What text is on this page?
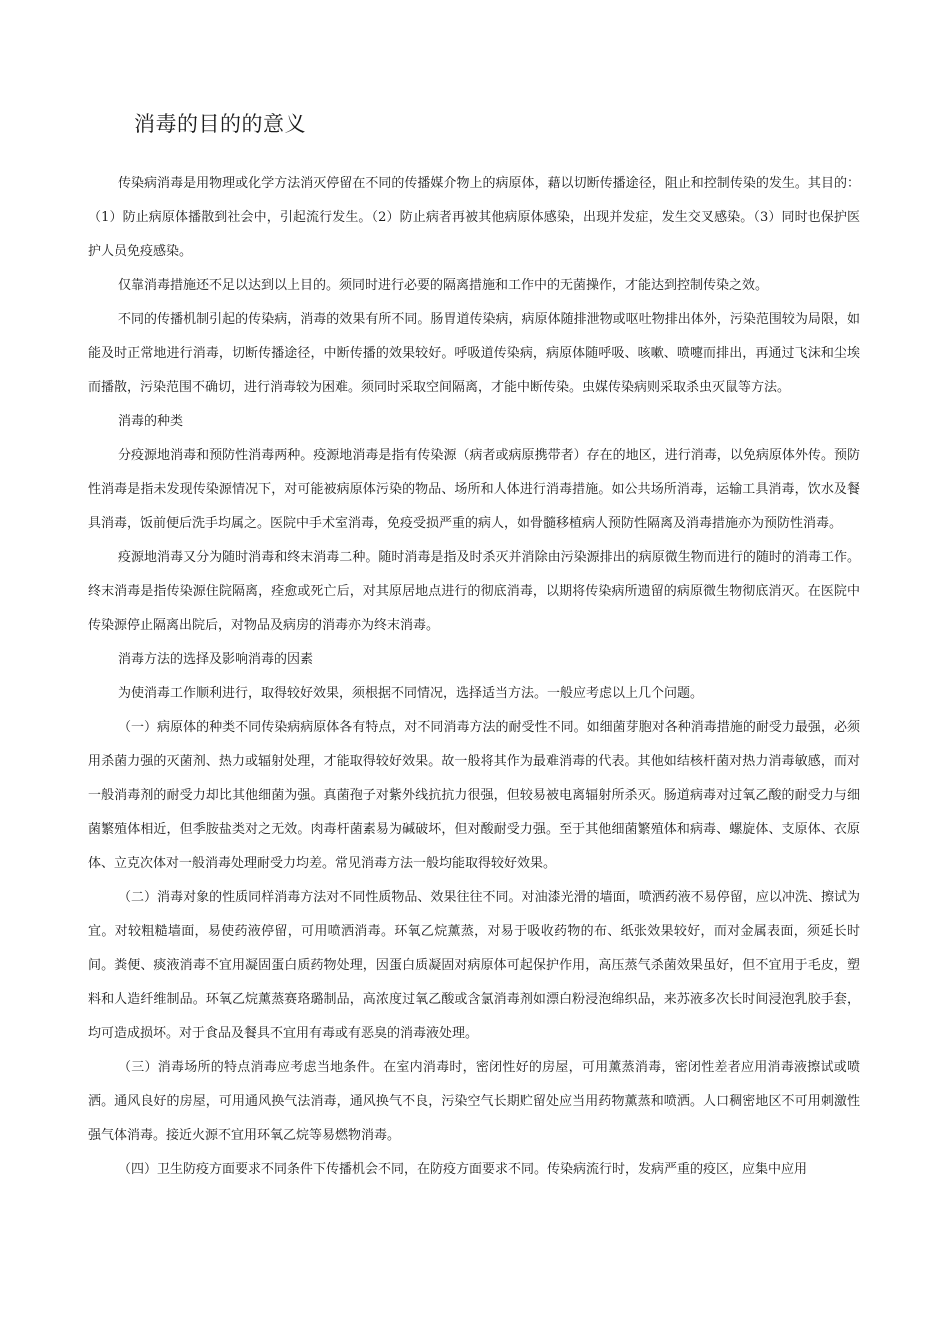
消毒的目的的意义

传染病消毒是用物理或化学方法消灭停留在不同的传播媒介物上的病原体，藉以切断传播途径，阻止和控制传染的发生。其目的：（1）防止病原体播散到社会中，引起流行发生。（2）防止病者再被其他病原体感染，出现并发症，发生交叉感染。（3）同时也保护医护人员免疫感染。

仅靠消毒措施还不足以达到以上目的。须同时进行必要的隔离措施和工作中的无菌操作，才能达到控制传染之效。

不同的传播机制引起的传染病，消毒的效果有所不同。肠胃道传染病，病原体随排泄物或呕吐物排出体外，污染范围较为局限，如能及时正常地进行消毒，切断传播途径，中断传播的效果较好。呼吸道传染病，病原体随呼吸、咳嗽、喷嚏而排出，再通过飞沫和尘埃而播散，污染范围不确切，进行消毒较为困难。须同时采取空间隔离，才能中断传染。虫媒传染病则采取杀虫灭鼠等方法。

消毒的种类

分疫源地消毒和预防性消毒两种。疫源地消毒是指有传染源（病者或病原携带者）存在的地区，进行消毒，以免病原体外传。预防性消毒是指未发现传染源情况下，对可能被病原体污染的物品、场所和人体进行消毒措施。如公共场所消毒，运输工具消毒，饮水及餐具消毒，饭前便后洗手均属之。医院中手术室消毒，免疫受损严重的病人，如骨髓移植病人预防性隔离及消毒措施亦为预防性消毒。

疫源地消毒又分为随时消毒和终末消毒二种。随时消毒是指及时杀灭并消除由污染源排出的病原微生物而进行的随时的消毒工作。终末消毒是指传染源住院隔离，痊愈或死亡后，对其原居地点进行的彻底消毒，以期将传染病所遗留的病原微生物彻底消灭。在医院中传染源停止隔离出院后，对物品及病房的消毒亦为终末消毒。

消毒方法的选择及影响消毒的因素

为使消毒工作顺利进行，取得较好效果，须根据不同情况，选择适当方法。一般应考虑以上几个问题。

（一）病原体的种类不同传染病病原体各有特点，对不同消毒方法的耐受性不同。如细菌芽胞对各种消毒措施的耐受力最强，必须用杀菌力强的灭菌剂、热力或辐射处理，才能取得较好效果。故一般将其作为最难消毒的代表。其他如结核杆菌对热力消毒敏感，而对一般消毒剂的耐受力却比其他细菌为强。真菌孢子对紫外线抗抗力很强，但较易被电离辐射所杀灭。肠道病毒对过氧乙酸的耐受力与细菌繁殖体相近，但季胺盐类对之无效。肉毒杆菌素易为碱破坏，但对酸耐受力强。至于其他细菌繁殖体和病毒、螺旋体、支原体、衣原体、立克次体对一般消毒处理耐受力均差。常见消毒方法一般均能取得较好效果。

（二）消毒对象的性质同样消毒方法对不同性质物品、效果往往不同。对油漆光滑的墙面，喷洒药液不易停留，应以冲洗、擦试为宜。对较粗糙墙面，易使药液停留，可用喷洒消毒。环氧乙烷薰蒸，对易于吸收药物的布、纸张效果较好，而对金属表面，须延长时间。粪便、痰液消毒不宜用凝固蛋白质药物处理，因蛋白质凝固对病原体可起保护作用，高压蒸气杀菌效果虽好，但不宜用于毛皮，塑料和人造纤维制品。环氧乙烷薰蒸赛珞璐制品，高浓度过氧乙酸或含氯消毒剂如漂白粉浸泡绵织品，来苏液多次长时间浸泡乳胶手套，均可造成损坏。对于食品及餐具不宜用有毒或有恶臭的消毒液处理。

（三）消毒场所的特点消毒应考虑当地条件。在室内消毒时，密闭性好的房屋，可用薰蒸消毒，密闭性差者应用消毒液擦试或喷洒。通风良好的房屋，可用通风换气法消毒，通风换气不良，污染空气长期贮留处应当用药物薰蒸和喷洒。人口稠密地区不可用刺激性强气体消毒。接近火源不宜用环氧乙烷等易燃物消毒。

（四）卫生防疫方面要求不同条件下传播机会不同，在防疫方面要求不同。传染病流行时，发病严重的疫区，应集中应用
